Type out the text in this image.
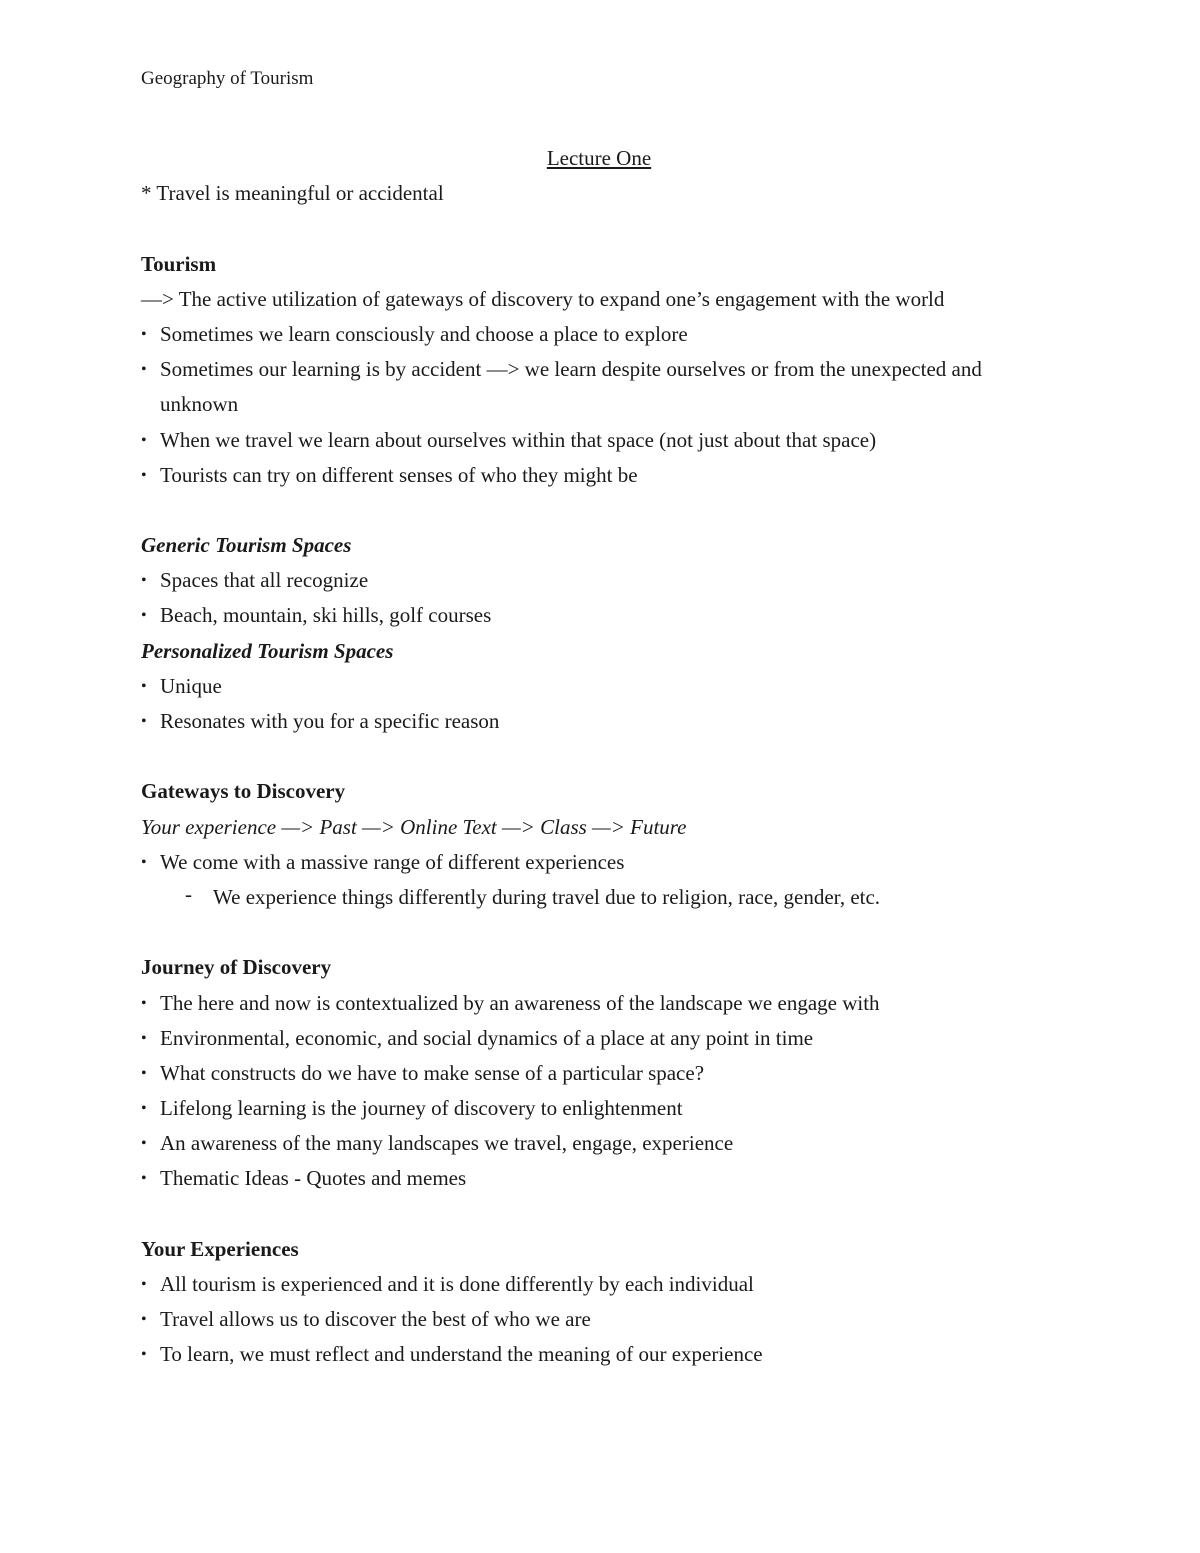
Geography of Tourism
Lecture One
* Travel is meaningful or accidental
Tourism
—> The active utilization of gateways of discovery to expand one’s engagement with the world
• Sometimes we learn consciously and choose a place to explore
• Sometimes our learning is by accident —> we learn despite ourselves or from the unexpected and unknown
• When we travel we learn about ourselves within that space (not just about that space)
• Tourists can try on different senses of who they might be
Generic Tourism Spaces
• Spaces that all recognize
• Beach, mountain, ski hills, golf courses
Personalized Tourism Spaces
• Unique
• Resonates with you for a specific reason
Gateways to Discovery
Your experience —> Past —> Online Text —> Class —> Future
• We come with a massive range of different experiences
- We experience things differently during travel due to religion, race, gender, etc.
Journey of Discovery
• The here and now is contextualized by an awareness of the landscape we engage with
• Environmental, economic, and social dynamics of a place at any point in time
• What constructs do we have to make sense of a particular space?
• Lifelong learning is the journey of discovery to enlightenment
• An awareness of the many landscapes we travel, engage, experience
• Thematic Ideas - Quotes and memes
Your Experiences
• All tourism is experienced and it is done differently by each individual
• Travel allows us to discover the best of who we are
• To learn, we must reflect and understand the meaning of our experience
